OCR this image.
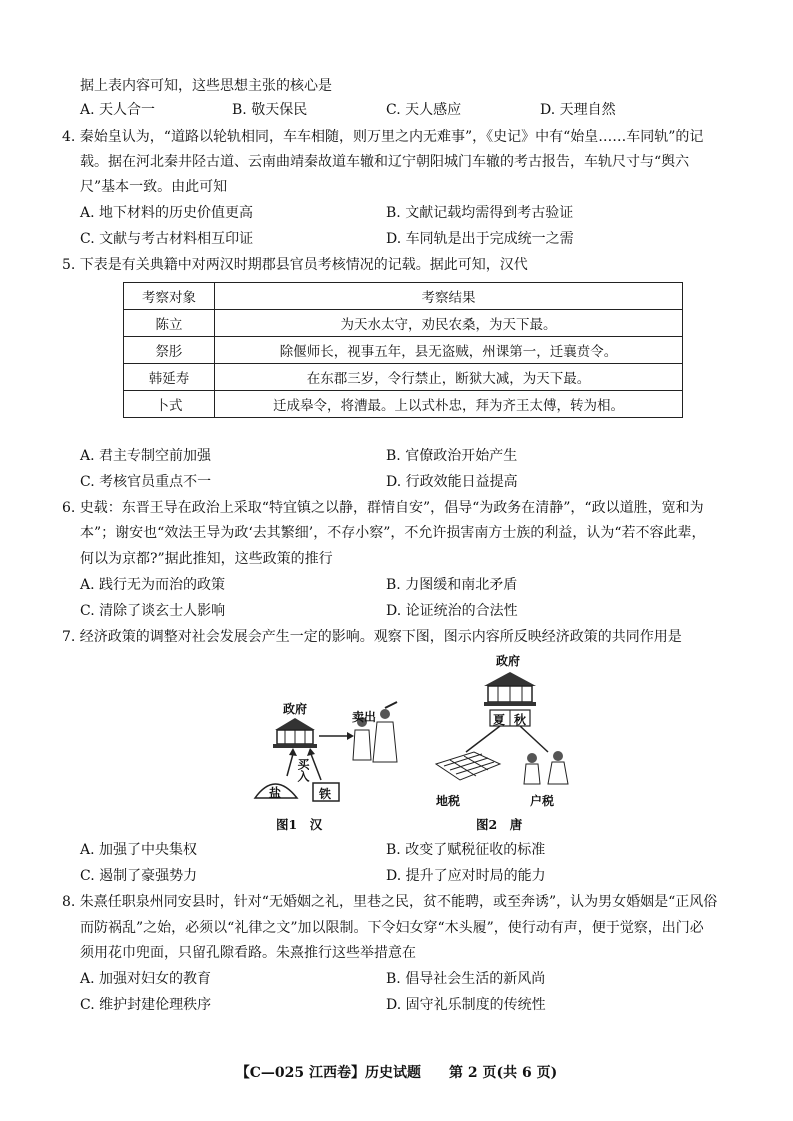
据上表内容可知，这些思想主张的核心是
A. 天人合一	B. 敬天保民	C. 天人感应	D. 天理自然
4. 秦始皇认为，“道路以轮轨相同，车车相随，则万里之内无难事”，《史记》中有“始皇……车同轨”的记
载。据在河北秦井陉古道、云南曲靖秦故道车辙和辽宁朝阳城门车辙的考古报告，车轨尺寸与“舆六
尺”基本一致。由此可知
A. 地下材料的历史价值更高	B. 文献记载均需得到考古验证
C. 文献与考古材料相互印证	D. 车同轨是出于完成统一之需
5. 下表是有关典籍中对两汉时期郡县官员考核情况的记载。据此可知，汉代
考察对象	考察结果
陈立	为天水太守，劝民农桑，为天下最。
祭肜	除偃师长，视事五年，县无盗贼，州课第一，迁襄贲令。
韩延寿	在东郡三岁，令行禁止，断狱大减，为天下最。
卜式	迁成皋令，将漕最。上以式朴忠，拜为齐王太傅，转为相。
A. 君主专制空前加强	B. 官僚政治开始产生
C. 考核官员重点不一	D. 行政效能日益提高
6. 史载：东晋王导在政治上采取“特宜镇之以静，群情自安”，倡导“为政务在清静”，“政以道胜，宽和为
本”；谢安也“效法王导为政‘去其繁细’，不存小察”，不允许损害南方士族的利益，认为“若不容此辈，
何以为京都?”据此推知，这些政策的推行
A. 践行无为而治的政策	B. 力图缓和南北矛盾
C. 清除了谈玄士人影响	D. 论证统治的合法性
7. 经济政策的调整对社会发展会产生一定的影响。观察下图，图示内容所反映经济政策的共同作用是
政府
卖出
买入
盐	铁
图1　汉
政府
夏 秋
地税	户税
图2　唐
A. 加强了中央集权	B. 改变了赋税征收的标准
C. 遏制了豪强势力	D. 提升了应对时局的能力
8. 朱熹任职泉州同安县时，针对“无婚姻之礼，里巷之民，贫不能聘，或至奔诱”，认为男女婚姻是“正风俗
而防祸乱”之始，必须以“礼律之文”加以限制。下令妇女穿“木头履”，使行动有声，便于觉察，出门必
须用花巾兜面，只留孔隙看路。朱熹推行这些举措意在
A. 加强对妇女的教育	B. 倡导社会生活的新风尚
C. 维护封建伦理秩序	D. 固守礼乐制度的传统性
【C—025 江西卷】历史试题　　第 2 页(共 6 页)
